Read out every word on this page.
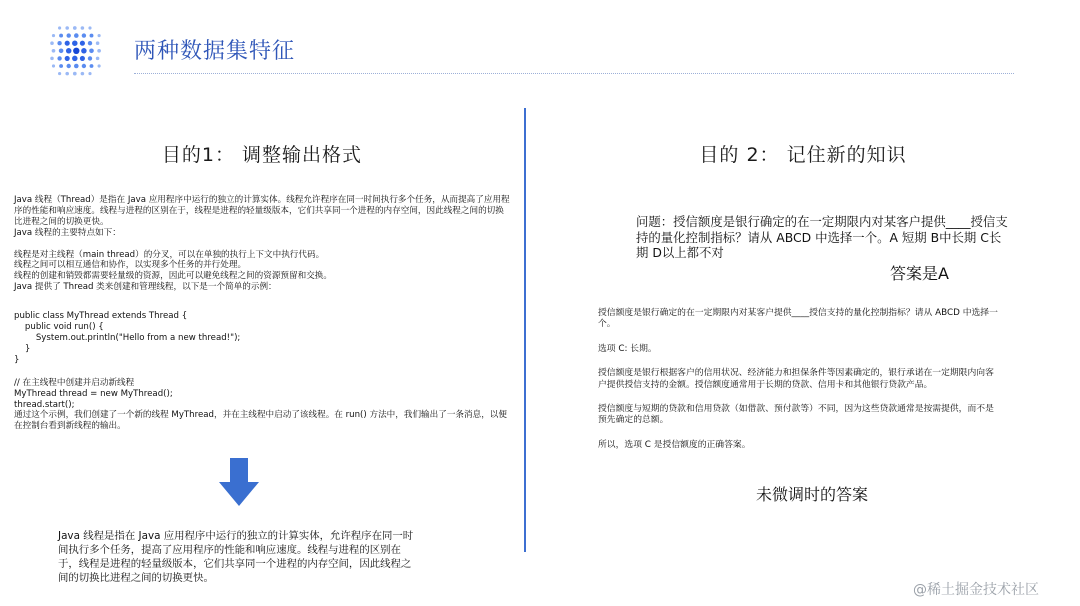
两种数据集特征
目的1： 调整输出格式

Java 线程（Thread）是指在 Java 应用程序中运行的独立的计算实体。线程允许程序在同一时间执行多个任务，从而提高了应用程序的性能和响应速度。线程与进程的区别在于，线程是进程的轻量级版本，它们共享同一个进程的内存空间，因此线程之间的切换比进程之间的切换更快。
Java 线程的主要特点如下：

线程是对主线程（main thread）的分叉，可以在单独的执行上下文中执行代码。
线程之间可以相互通信和协作，以实现多个任务的并行处理。
线程的创建和销毁都需要轻量级的资源，因此可以避免线程之间的资源预留和交换。
Java 提供了 Thread 类来创建和管理线程，以下是一个简单的示例：

public class MyThread extends Thread {
public void run() {
System.out.println("Hello from a new thread!");
}
}

// 在主线程中创建并启动新线程
MyThread thread = new MyThread();
thread.start();
通过这个示例，我们创建了一个新的线程 MyThread，并在主线程中启动了该线程。在 run() 方法中，我们输出了一条消息，以便在控制台看到新线程的输出。

Java 线程是指在 Java 应用程序中运行的独立的计算实体，允许程序在同一时间执行多个任务，提高了应用程序的性能和响应速度。线程与进程的区别在于，线程是进程的轻量级版本，它们共享同一个进程的内存空间，因此线程之间的切换比进程之间的切换更快。
目的 2： 记住新的知识
问题：授信额度是银行确定的在一定期限内对某客户提供____授信支持的量化控制指标？请从 ABCD 中选择一个。A 短期 B中长期 C长期 D以上都不对
答案是A

授信额度是银行确定的在一定期限内对某客户提供____授信支持的量化控制指标？请从 ABCD 中选择一个。

选项 C: 长期。

授信额度是银行根据客户的信用状况、经济能力和担保条件等因素确定的，银行承诺在一定期限内向客户提供授信支持的金额。授信额度通常用于长期的贷款、信用卡和其他银行贷款产品。

授信额度与短期的贷款和信用贷款（如借款、预付款等）不同，因为这些贷款通常是按需提供，而不是预先确定的总额。

所以，选项 C 是授信额度的正确答案。

未微调时的答案
@稀土掘金技术社区
